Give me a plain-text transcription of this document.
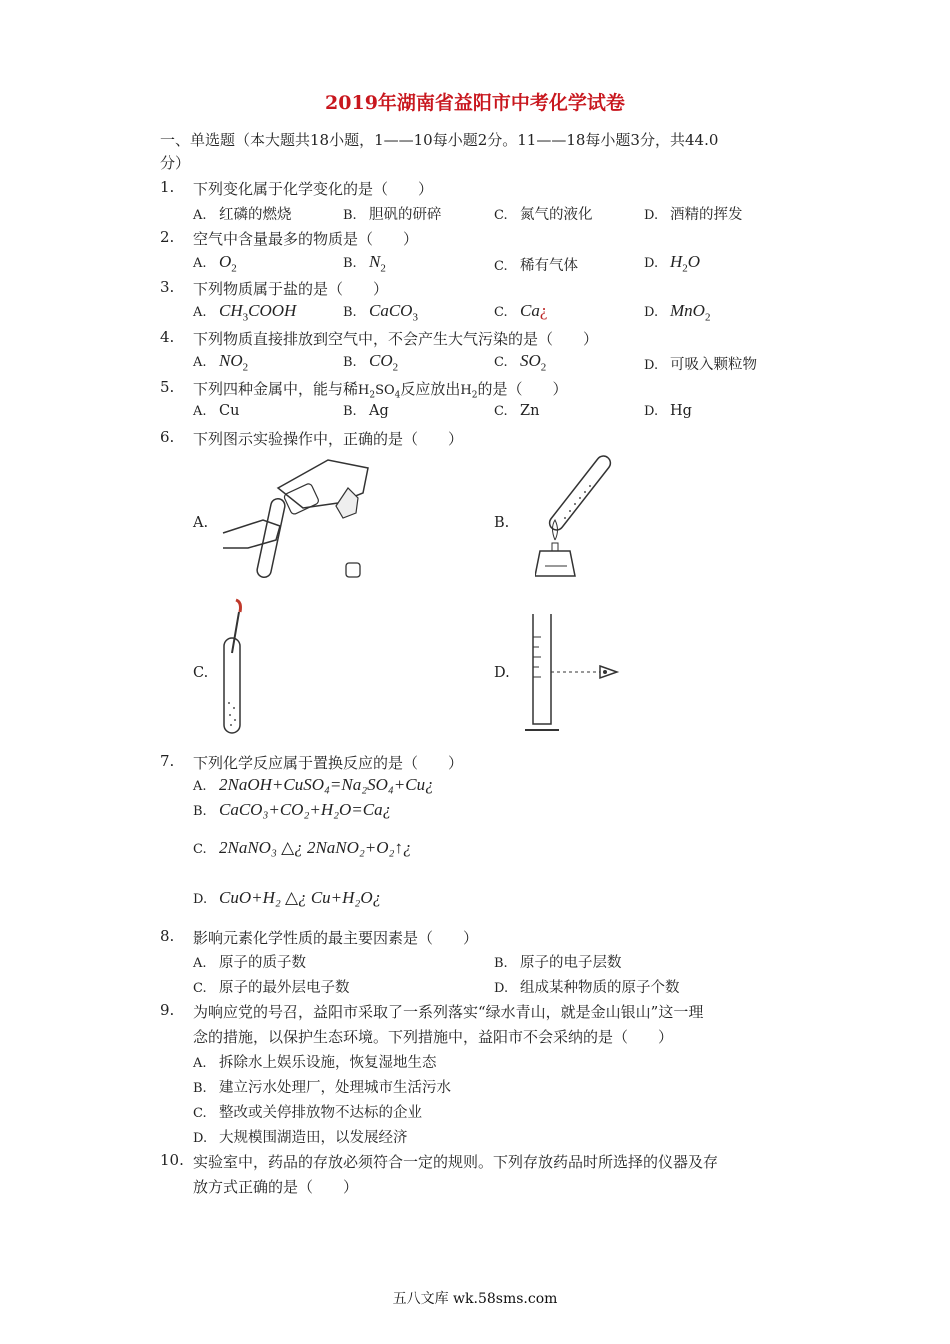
2019年湖南省益阳市中考化学试卷
一、单选题（本大题共18小题，1——10每小题2分。11——18每小题3分，共44.0
分）
1.	下列变化属于化学变化的是（　　）
A. 红磷的燃烧	B. 胆矾的研碎	C. 氮气的液化	D. 酒精的挥发
2.	空气中含量最多的物质是（　　）
A. $O_2$	B. $N_2$	C. 稀有气体	D. $H_2O$
3.	下列物质属于盐的是（　　）
A. $CH_3COOH$	B. CaCO$_3$	C. Ca¿	D. MnO$_2$
4.	下列物质直接排放到空气中，不会产生大气污染的是（　　）
A. $NO_2$	B. $CO_2$	C. $SO_2$	D. 可吸入颗粒物
5.	下列四种金属中，能与稀$H_2SO_4$反应放出$H_2$的是（　　）
A. Cu	B. Ag	C. Zn	D. Hg
6.	下列图示实验操作中，正确的是（　　）
A.	B.
C.	D.
7.	下列化学反应属于置换反应的是（　　）
A. 2NaOH+CuSO₄=Na₂SO₄+Cu¿
B. CaCO₃+CO₂+H₂O=Ca¿
C. 2NaNO₃ △¿ 2NaNO₂+O₂↑¿
D. CuO+H₂ △¿ Cu+H₂O¿
8.	影响元素化学性质的最主要因素是（　　）
A. 原子的质子数	B. 原子的电子层数
C. 原子的最外层电子数	D. 组成某种物质的原子个数
9.	为响应党的号召，益阳市采取了一系列落实“绿水青山，就是金山银山”这一理
念的措施，以保护生态环境。下列措施中，益阳市不会采纳的是（　　）
A. 拆除水上娱乐设施，恢复湿地生态
B. 建立污水处理厂，处理城市生活污水
C. 整改或关停排放物不达标的企业
D. 大规模围湖造田，以发展经济
10. 实验室中，药品的存放必须符合一定的规则。下列存放药品时所选择的仪器及存
放方式正确的是（　　）
五八文库 wk.58sms.com
